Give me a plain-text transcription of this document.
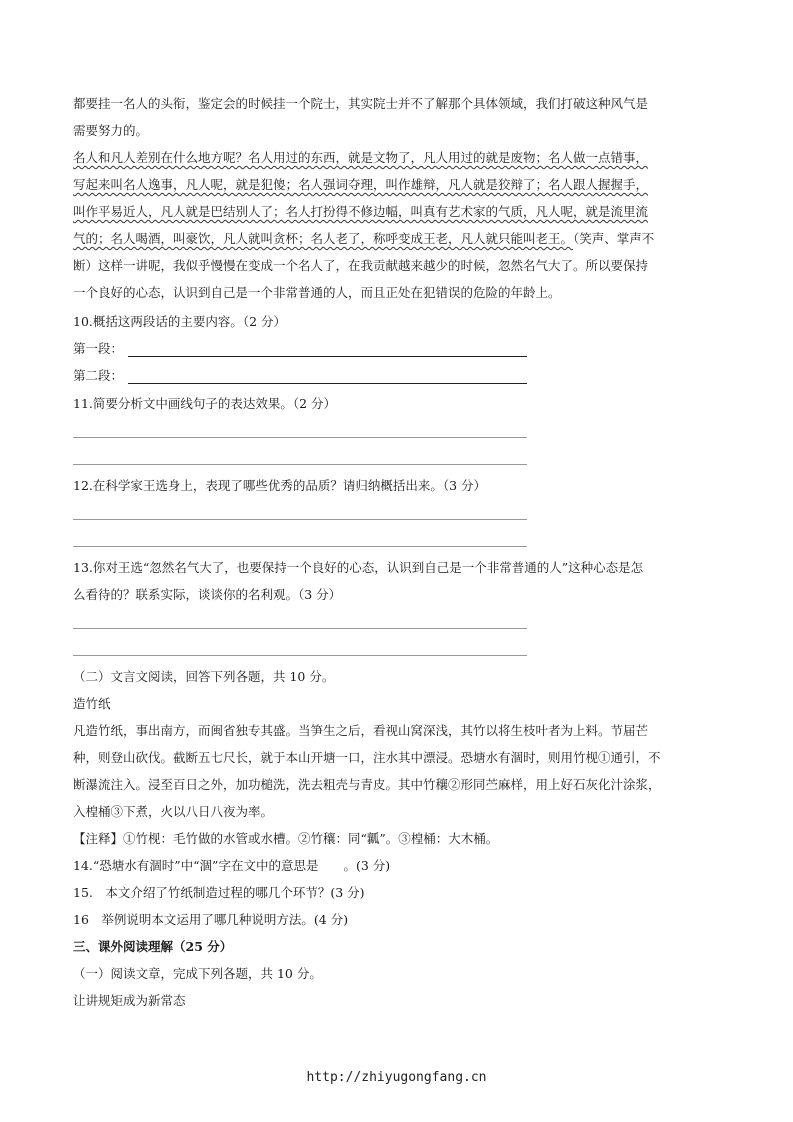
都要挂一名人的头衔，鉴定会的时候挂一个院士，其实院士并不了解那个具体领域，我们打破这种风气是
需要努力的。
名人和凡人差别在什么地方呢？名人用过的东西，就是文物了，凡人用过的就是废物；名人做一点错事，
写起来叫名人逸事，凡人呢，就是犯傻；名人强词夺理，叫作雄辩，凡人就是狡辩了；名人跟人握握手，
叫作平易近人，凡人就是巴结别人了；名人打扮得不修边幅，叫真有艺术家的气质，凡人呢，就是流里流
气的；名人喝酒，叫豪饮，凡人就叫贪杯；名人老了，称呼变成王老，凡人就只能叫老王。（笑声、掌声不
断）这样一讲呢，我似乎慢慢在变成一个名人了，在我贡献越来越少的时候，忽然名气大了。所以要保持
一个良好的心态，认识到自己是一个非常普通的人，而且正处在犯错误的危险的年龄上。
10.概括这两段话的主要内容。（2 分）
第一段：
第二段：
11.简要分析文中画线句子的表达效果。（2 分）
12.在科学家王选身上，表现了哪些优秀的品质？请归纳概括出来。（3 分）
13.你对王选“忽然名气大了，也要保持一个良好的心态，认识到自己是一个非常普通的人”这种心态是怎
么看待的？联系实际，谈谈你的名利观。（3 分）
（二）文言文阅读，回答下列各题，共 10 分。
造竹纸
凡造竹纸，事出南方，而闽省独专其盛。当笋生之后，看视山窝深浅，其竹以将生枝叶者为上料。节届芒
种，则登山砍伐。截断五七尺长，就于本山开塘一口，注水其中漂浸。恐塘水有涸时，则用竹枧①通引，不
断瀑流注入。浸至百日之外，加功槌洗，洗去粗壳与青皮。其中竹穰②形同苎麻样，用上好石灰化汁涂浆，
入楻桶③下煮，火以八日八夜为率。
【注释】①竹枧：毛竹做的水管或水槽。②竹穰：同“瓤”。③楻桶：大木桶。
14.“恐塘水有涸时”中“涸”字在文中的意思是　　。(3 分)
15.　本文介绍了竹纸制造过程的哪几个环节？(3 分)
16　举例说明本文运用了哪几种说明方法。(4 分)
三、课外阅读理解（25 分）
（一）阅读文章，完成下列各题，共 10 分。
让讲规矩成为新常态
http://zhiyugongfang.cn
